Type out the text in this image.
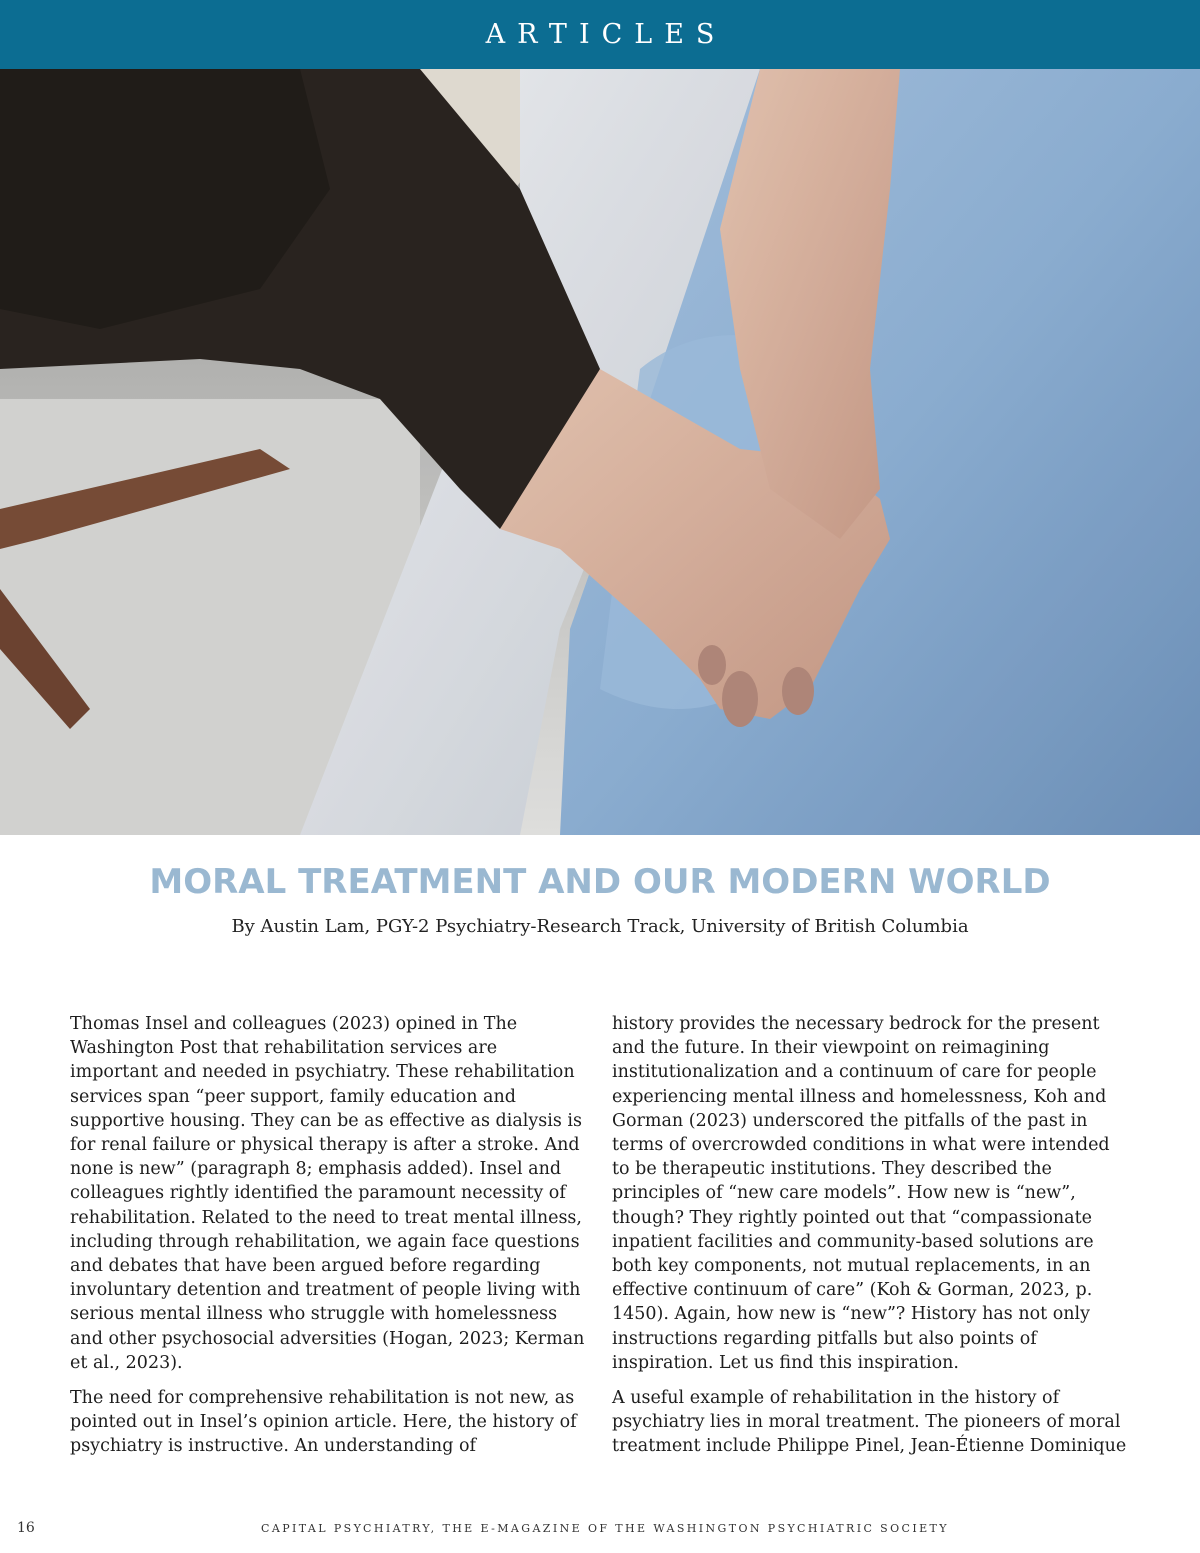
ARTICLES
MORAL TREATMENT AND OUR MODERN WORLD
By Austin Lam, PGY-2 Psychiatry-Research Track, University of British Columbia

Thomas Insel and colleagues (2023) opined in The Washington Post that rehabilitation services are important and needed in psychiatry. These rehabilitation services span “peer support, family education and supportive housing. They can be as effective as dialysis is for renal failure or physical therapy is after a stroke. And none is new” (paragraph 8; emphasis added). Insel and colleagues rightly identified the paramount necessity of rehabilitation. Related to the need to treat mental illness, including through rehabilitation, we again face questions and debates that have been argued before regarding involuntary detention and treatment of people living with serious mental illness who struggle with homelessness and other psychosocial adversities (Hogan, 2023; Kerman et al., 2023).

The need for comprehensive rehabilitation is not new, as pointed out in Insel’s opinion article. Here, the history of psychiatry is instructive. An understanding of

history provides the necessary bedrock for the present and the future. In their viewpoint on reimagining institutionalization and a continuum of care for people experiencing mental illness and homelessness, Koh and Gorman (2023) underscored the pitfalls of the past in terms of overcrowded conditions in what were intended to be therapeutic institutions. They described the principles of “new care models”. How new is “new”, though? They rightly pointed out that “compassionate inpatient facilities and community-based solutions are both key components, not mutual replacements, in an effective continuum of care” (Koh & Gorman, 2023, p. 1450). Again, how new is “new”? History has not only instructions regarding pitfalls but also points of inspiration. Let us find this inspiration.

A useful example of rehabilitation in the history of psychiatry lies in moral treatment. The pioneers of moral treatment include Philippe Pinel, Jean-Étienne Dominique

16	CAPITAL PSYCHIATRY, THE E-MAGAZINE OF THE WASHINGTON PSYCHIATRIC SOCIETY
